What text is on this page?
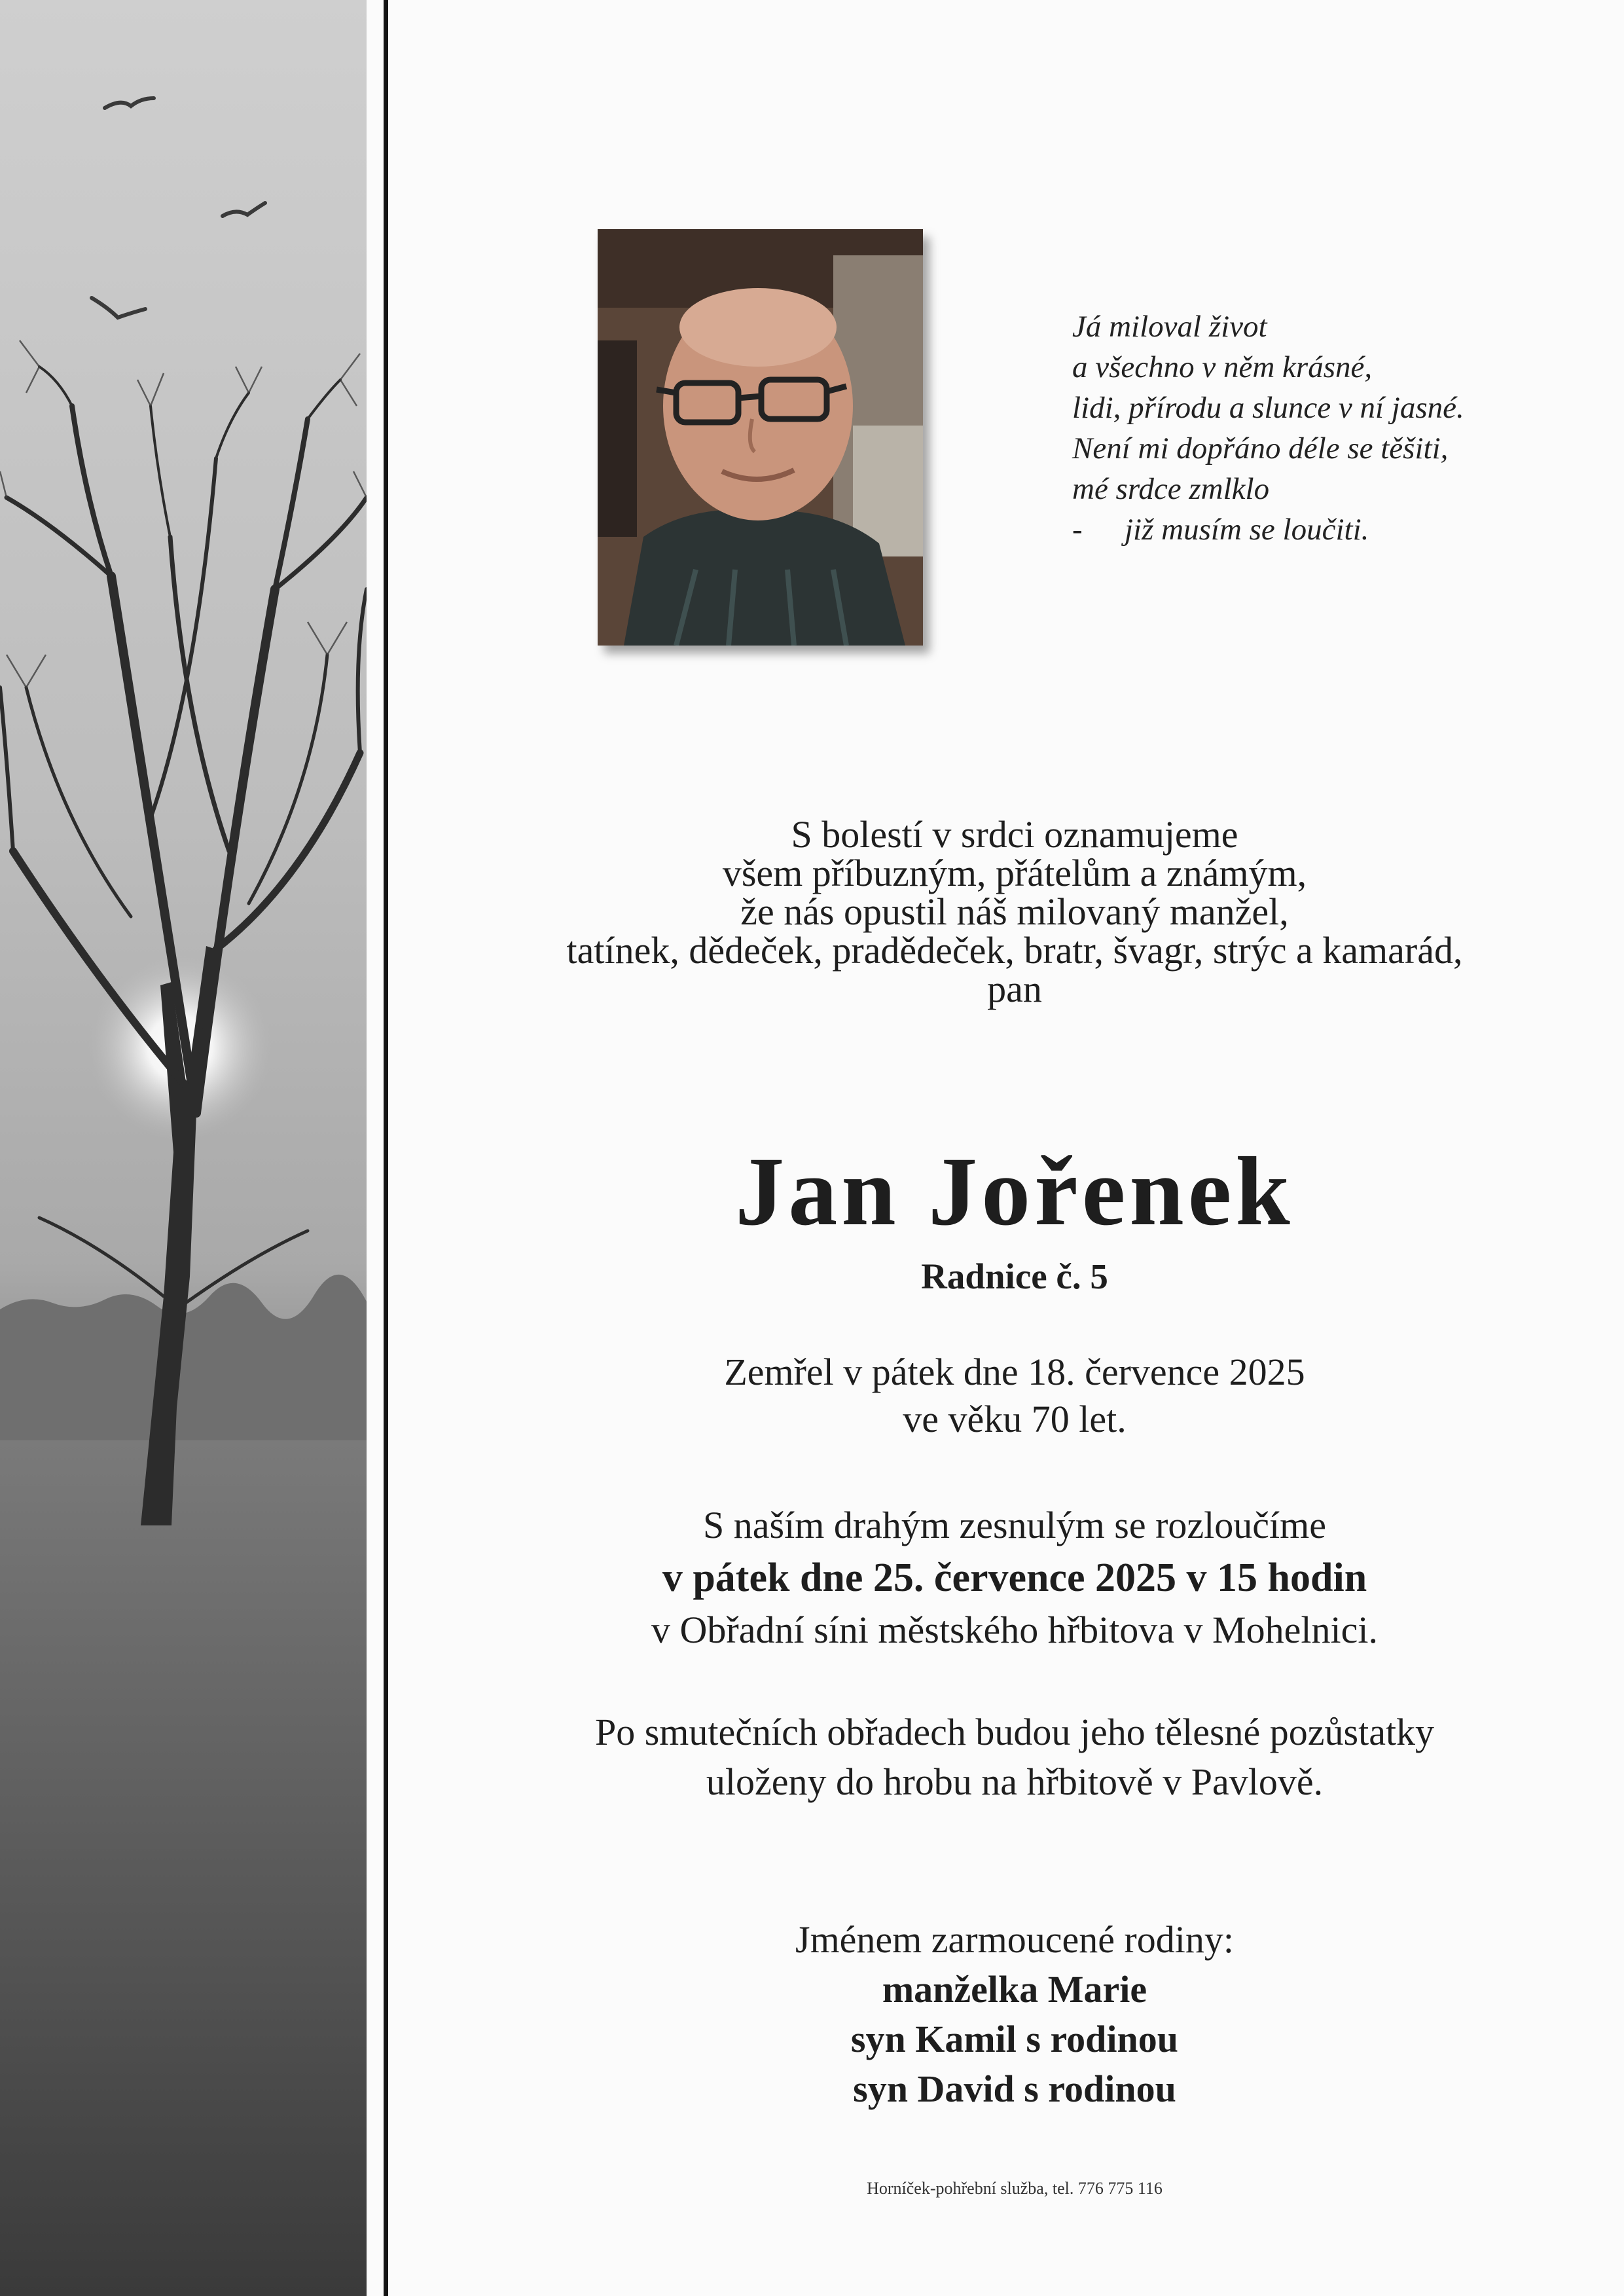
Já miloval život
a všechno v něm krásné,
lidi, přírodu a slunce v ní jasné.
Není mi dopřáno déle se těšiti,
mé srdce zmlklo
- již musím se loučiti.
S bolestí v srdci oznamujeme
všem příbuzným, přátelům a známým,
že nás opustil náš milovaný manžel,
tatínek, dědeček, pradědeček, bratr, švagr, strýc a kamarád,
pan
Jan Jořenek
Radnice č. 5
Zemřel v pátek dne 18. července 2025
ve věku 70 let.
S naším drahým zesnulým se rozloučíme
v pátek dne 25. července 2025 v 15 hodin
v Obřadní síni městského hřbitova v Mohelnici.
Po smutečních obřadech budou jeho tělesné pozůstatky
uloženy do hrobu na hřbitově v Pavlově.
Jménem zarmoucené rodiny:
manželka Marie
syn Kamil s rodinou
syn David s rodinou
Horníček-pohřební služba, tel. 776 775 116
